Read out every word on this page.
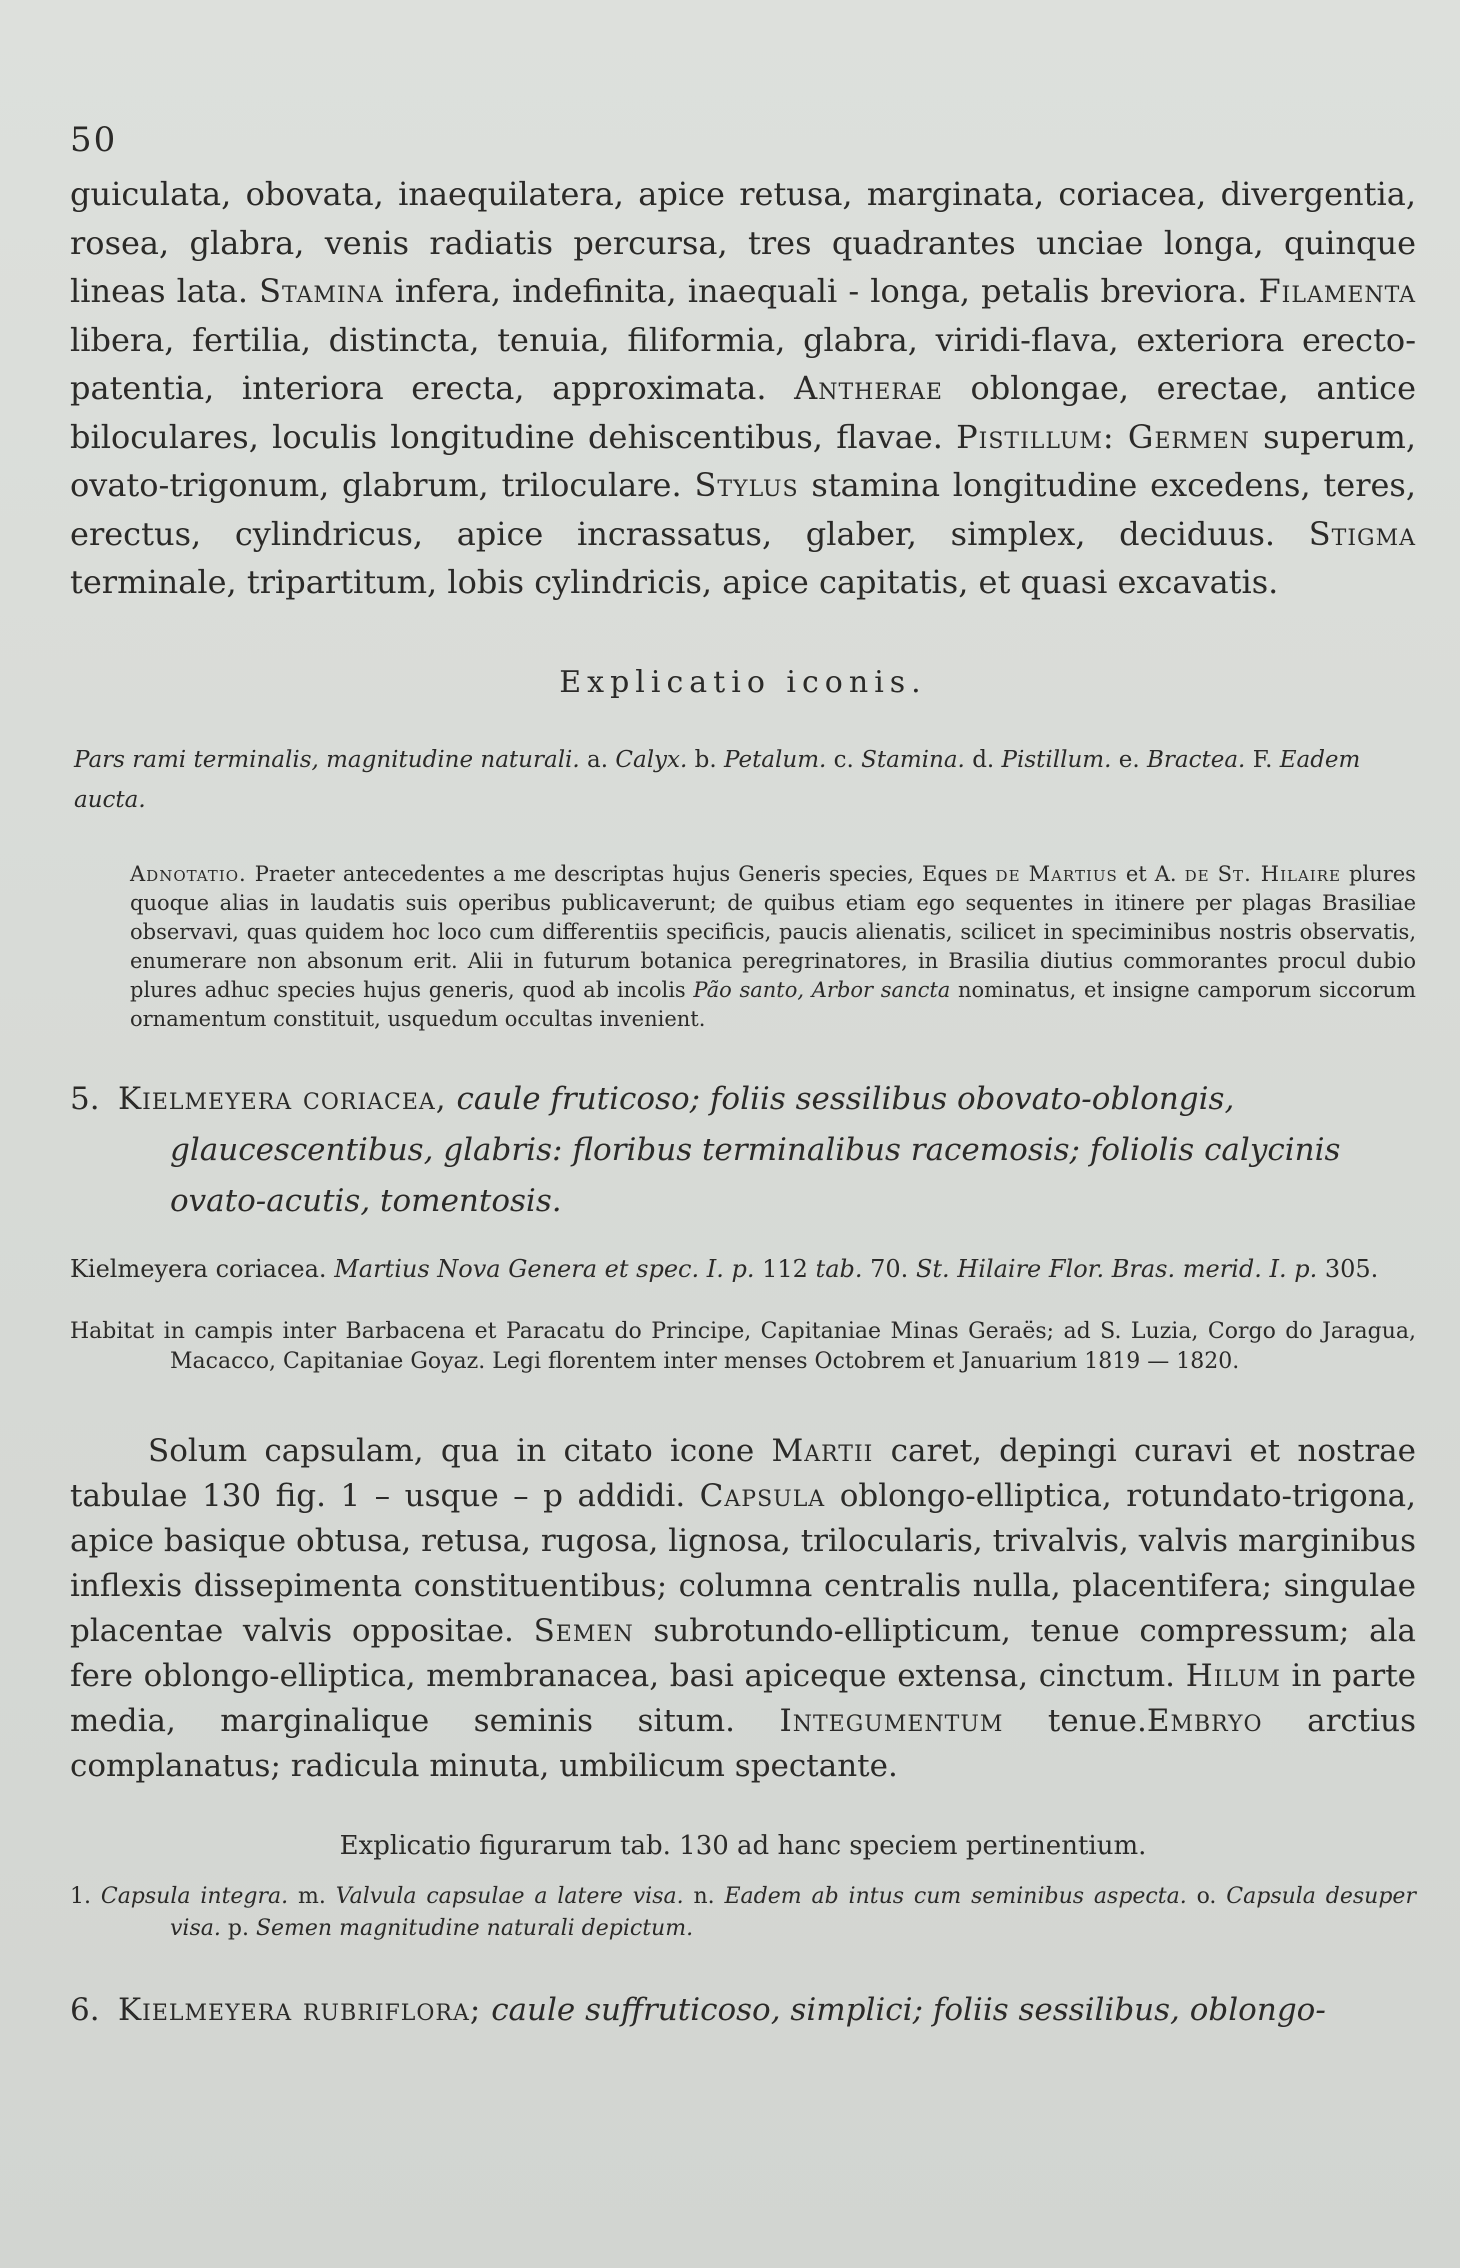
50

guiculata, obovata, inaequilatera, apice retusa, marginata, coriacea, divergentia, rosea, glabra, venis radiatis percursa, tres quadrantes unciae longa, quinque lineas lata. Stamina infera, indefinita, inaequali - longa, petalis breviora. Filamenta libera, fertilia, distincta, tenuia, filiformia, glabra, viridi-flava, exteriora erecto-patentia, interiora erecta, approximata. Antherae oblongae, erectae, antice biloculares, loculis longitudine dehiscentibus, flavae. Pistillum: Germen superum, ovato-trigonum, glabrum, triloculare. Stylus stamina longitudine excedens, teres, erectus, cylindricus, apice incrassatus, glaber, simplex, deciduus. Stigma terminale, tripartitum, lobis cylindricis, apice capitatis, et quasi excavatis.

Explicatio iconis.

Pars rami terminalis, magnitudine naturali. a. Calyx. b. Petalum. c. Stamina. d. Pistillum. e. Bractea. F. Eadem aucta.

Adnotatio. Praeter antecedentes a me descriptas hujus Generis species, Eques de Martius et A. de St. Hilaire plures quoque alias in laudatis suis operibus publicaverunt; de quibus etiam ego sequentes in itinere per plagas Brasiliae observavi, quas quidem hoc loco cum differentiis specificis, paucis alienatis, scilicet in speciminibus nostris observatis, enumerare non absonum erit. Alii in futurum botanica peregrinatores, in Brasilia diutius commorantes procul dubio plures adhuc species hujus generis, quod ab incolis Pão santo, Arbor sancta nominatus, et insigne camporum siccorum ornamentum constituit, usquedum occultas invenient.

5. Kielmeyera coriacea, caule fruticoso; foliis sessilibus obovato-oblongis, glaucescentibus, glabris: floribus terminalibus racemosis; foliolis calycinis ovato-acutis, tomentosis.

Kielmeyera coriacea. Martius Nova Genera et spec. I. p. 112 tab. 70. St. Hilaire Flor. Bras. merid. I. p. 305.

Habitat in campis inter Barbacena et Paracatu do Principe, Capitaniae Minas Geraës; ad S. Luzia, Corgo do Jaragua, Macacco, Capitaniae Goyaz. Legi florentem inter menses Octobrem et Januarium 1819 — 1820.

Solum capsulam, qua in citato icone Martii caret, depingi curavi et nostrae tabulae 130 fig. 1 – usque – p addidi. Capsula oblongo-elliptica, rotundato-trigona, apice basique obtusa, retusa, rugosa, lignosa, trilocularis, trivalvis, valvis marginibus inflexis dissepimenta constituentibus; columna centralis nulla, placentifera; singulae placentae valvis oppositae. Semen subrotundo-ellipticum, tenue compressum; ala fere oblongo-elliptica, membranacea, basi apiceque extensa, cinctum. Hilum in parte media, marginalique seminis situm. Integumentum tenue.Embryo arctius complanatus; radicula minuta, umbilicum spectante.

Explicatio figurarum tab. 130 ad hanc speciem pertinentium.

1. Capsula integra. m. Valvula capsulae a latere visa. n. Eadem ab intus cum seminibus aspecta. o. Capsula desuper visa. p. Semen magnitudine naturali depictum.

6. Kielmeyera rubriflora; caule suffruticoso, simplici; foliis sessilibus, oblongo-
